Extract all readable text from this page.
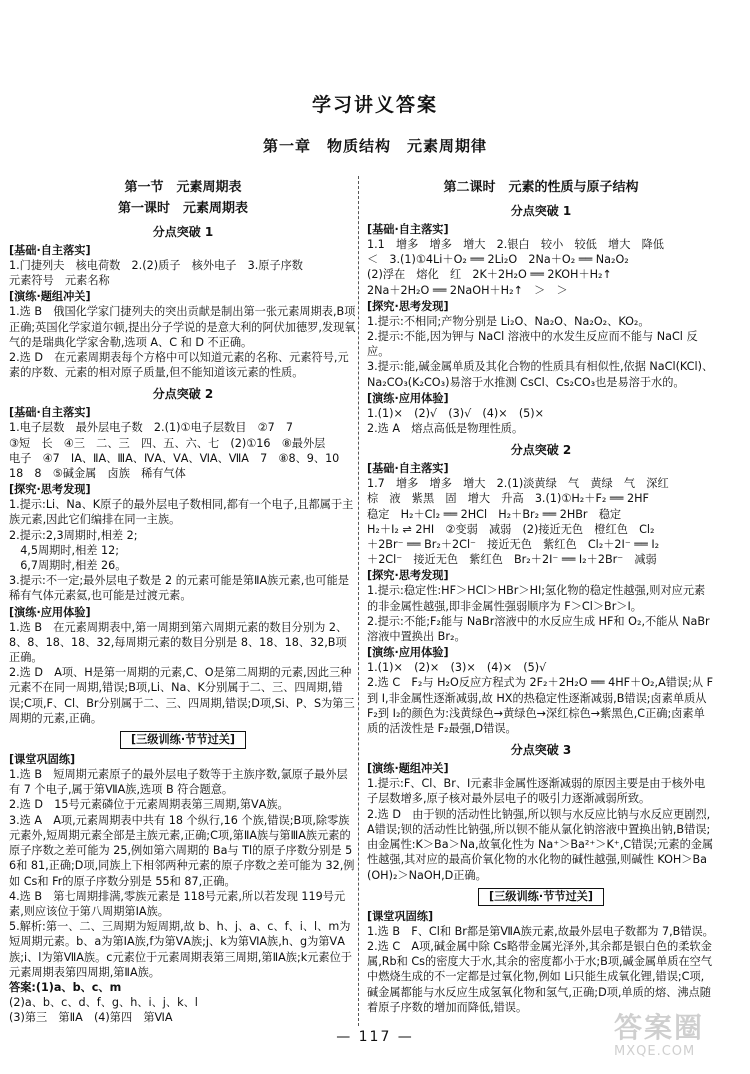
学习讲义答案
第一章　物质结构　元素周期律
第一节　元素周期表
第一课时　元素周期表
分点突破 1
[基础·自主落实]
1.门捷列夫　核电荷数　2.(2)质子　核外电子　3.原子序数
元素符号　元素名称
[演练·题组冲关]
1.选 B　俄国化学家门捷列夫的突出贡献是制出第一张元素周期表,B项正确;英国化学家道尔顿,提出分子学说的是意大利的阿伏加德罗,发现氧气的是瑞典化学家舍勒,选项 A、C 和 D 不正确。
2.选 D　在元素周期表每个方格中可以知道元素的名称、元素符号,元素的序数、元素的相对原子质量,但不能知道该元素的性质。
分点突破 2
[基础·自主落实]
1.电子层数　最外层电子数　2.(1)①电子层数目　②7　7
③短　长　④三　二、三　四、五、六、七　(2)①16　⑧最外层
电子　④7　ⅠA、ⅡA、ⅢA、ⅣA、ⅤA、ⅥA、ⅦA　7　⑧8、9、10
18　8　⑤碱金属　卤族　稀有气体
[探究·思考发现]
1.提示:Li、Na、K原子的最外层电子数相同,都有一个电子,且都属于主族元素,因此它们编排在同一主族。
2.提示:2,3周期时,相差 2;
　4,5周期时,相差 12;
　6,7周期时,相差 26。
3.提示:不一定;最外层电子数是 2 的元素可能是第ⅡA族元素,也可能是稀有气体元素氦,也可能是过渡元素。
[演练·应用体验]
1.选 B　在元素周期表中,第一周期到第六周期元素的数目分别为 2、8、8、18、18、32,每周期元素的数目分别是 8、18、18、32,B项正确。
2.选 D　A项、H是第一周期的元素,C、O是第二周期的元素,因此三种元素不在同一周期,错误;B项,Li、Na、K分别属于二、三、四周期,错误;C项,F、Cl、Br分别属于二、三、四周期,错误;D项,Si、P、S为第三周期的元素,正确。
[三级训练·节节过关]
[课堂巩固练]
1.选 B　短周期元素原子的最外层电子数等于主族序数,氯原子最外层有 7 个电子,属于第ⅦA族,选项 B 符合题意。
2.选 D　15号元素磷位于元素周期表第三周期,第ⅤA族。
3.选 A　A项,元素周期表中共有 18 个纵行,16 个族,错误;B项,除零族元素外,短周期元素全部是主族元素,正确;C项,第ⅡA族与第ⅢA族元素的原子序数之差可能为 25,例如第六周期的 Ba与 Tl的原子序数分别是 56和 81,正确;D项,同族上下相邻两种元素的原子序数之差可能为 32,例如 Cs和 Fr的原子序数分别是 55和 87,正确。
4.选 B　第七周期排满,零族元素是 118号元素,所以若发现 119号元素,则应该位于第八周期第ⅠA族。
5.解析:第一、二、三周期为短周期,故 b、h、j、a、c、f、i、l、m为短周期元素。b、a为第ⅠA族,f为第ⅤA族;j、k为第ⅥA族,h、g为第ⅤA族;i、l为第ⅦA族。c元素位于元素周期表第三周期,第ⅡA族;k元素位于元素周期表第四周期,第ⅡA族。
答案:(1)a、b、c、m
(2)a、b、c、d、f、g、h、i、j、k、l
(3)第三　第ⅡA　(4)第四　第ⅥA
第二课时　元素的性质与原子结构
分点突破 1
[基础·自主落实]
1.1　增多　增多　增大　2.银白　较小　较低　增大　降低
＜　3.(1)①4Li＋O₂ ══ 2Li₂O　2Na＋O₂ ══ Na₂O₂
(2)浮在　熔化　红　2K＋2H₂O ══ 2KOH＋H₂↑
2Na＋2H₂O ══ 2NaOH＋H₂↑　＞　＞
[探究·思考发现]
1.提示:不相同;产物分别是 Li₂O、Na₂O、Na₂O₂、KO₂。
2.提示:不能,因为钾与 NaCl 溶液中的水发生反应而不能与 NaCl 反应。
3.提示:能,碱金属单质及其化合物的性质具有相似性,依据 NaCl(KCl)、Na₂CO₃(K₂CO₃)易溶于水推测 CsCl、Cs₂CO₃也是易溶于水的。
[演练·应用体验]
1.(1)×　(2)√　(3)√　(4)×　(5)×
2.选 A　熔点高低是物理性质。
分点突破 2
[基础·自主落实]
1.7　增多　增多　增大　2.(1)淡黄绿　气　黄绿　气　深红
棕　液　紫黑　固　增大　升高　3.(1)①H₂＋F₂ ══ 2HF
稳定　H₂＋Cl₂ ══ 2HCl　H₂＋Br₂ ══ 2HBr　稳定
H₂＋I₂ ⇌ 2HI　②变弱　减弱　(2)接近无色　橙红色　Cl₂
＋2Br⁻ ══ Br₂＋2Cl⁻　接近无色　紫红色　Cl₂＋2I⁻ ══ I₂
＋2Cl⁻　接近无色　紫红色　Br₂＋2I⁻ ══ I₂＋2Br⁻　减弱
[探究·思考发现]
1.提示:稳定性:HF＞HCl＞HBr＞HI;氢化物的稳定性越强,则对应元素的非金属性越强,即非金属性强弱顺序为 F＞Cl＞Br＞I。
2.提示:不能;F₂能与 NaBr溶液中的水反应生成 HF和 O₂,不能从 NaBr溶液中置换出 Br₂。
[演练·应用体验]
1.(1)×　(2)×　(3)×　(4)×　(5)√
2.选 C　F₂与 H₂O反应方程式为 2F₂＋2H₂O ══ 4HF＋O₂,A错误;从 F到 I,非金属性逐渐减弱,故 HX的热稳定性逐渐减弱,B错误;卤素单质从 F₂到 I₂的颜色为:浅黄绿色→黄绿色→深红棕色→紫黑色,C正确;卤素单质的活泼性是 F₂最强,D错误。
分点突破 3
[演练·题组冲关]
1.提示:F、Cl、Br、I元素非金属性逐渐减弱的原因主要是由于核外电子层数增多,原子核对最外层电子的吸引力逐渐减弱所致。
2.选 D　由于钡的活动性比钠强,所以钡与水反应比钠与水反应更剧烈,A错误;钡的活动性比钠强,所以钡不能从氯化钠溶液中置换出钠,B错误;由金属性:K＞Ba＞Na,故氧化性为 Na⁺＞Ba²⁺＞K⁺,C错误;元素的金属性越强,其对应的最高价氧化物的水化物的碱性越强,则碱性 KOH＞Ba(OH)₂＞NaOH,D正确。
[三级训练·节节过关]
[课堂巩固练]
1.选 B　F、Cl和 Br都是第ⅦA族元素,故最外层电子数都为 7,B错误。
2.选 C　A项,碱金属中除 Cs略带金属光泽外,其余都是银白色的柔软金属,Rb和 Cs的密度大于水,其余的密度都小于水;B项,碱金属单质在空气中燃烧生成的不一定都是过氧化物,例如 Li只能生成氧化锂,错误;C项,碱金属都能与水反应生成氢氧化物和氢气,正确;D项,单质的熔、沸点随着原子序数的增加而降低,错误。
— 117 —	答案圈
MXQE.COM
